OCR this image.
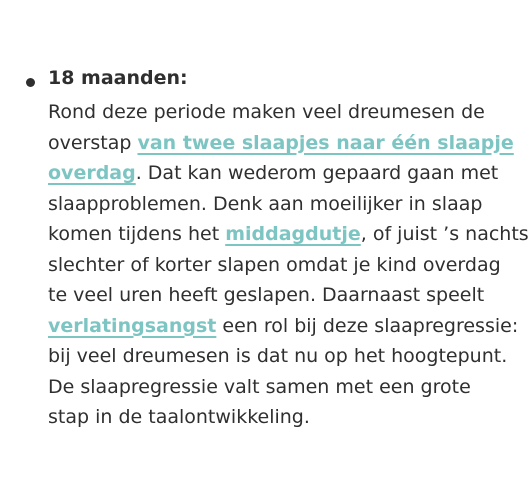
18 maanden:
Rond deze periode maken veel dreumesen de
overstap van twee slaapjes naar één slaapje
overdag. Dat kan wederom gepaard gaan met
slaapproblemen. Denk aan moeilijker in slaap
komen tijdens het middagdutje, of juist ’s nachts
slechter of korter slapen omdat je kind overdag
te veel uren heeft geslapen. Daarnaast speelt
verlatingsangst een rol bij deze slaapregressie:
bij veel dreumesen is dat nu op het hoogtepunt.
De slaapregressie valt samen met een grote
stap in de taalontwikkeling.
